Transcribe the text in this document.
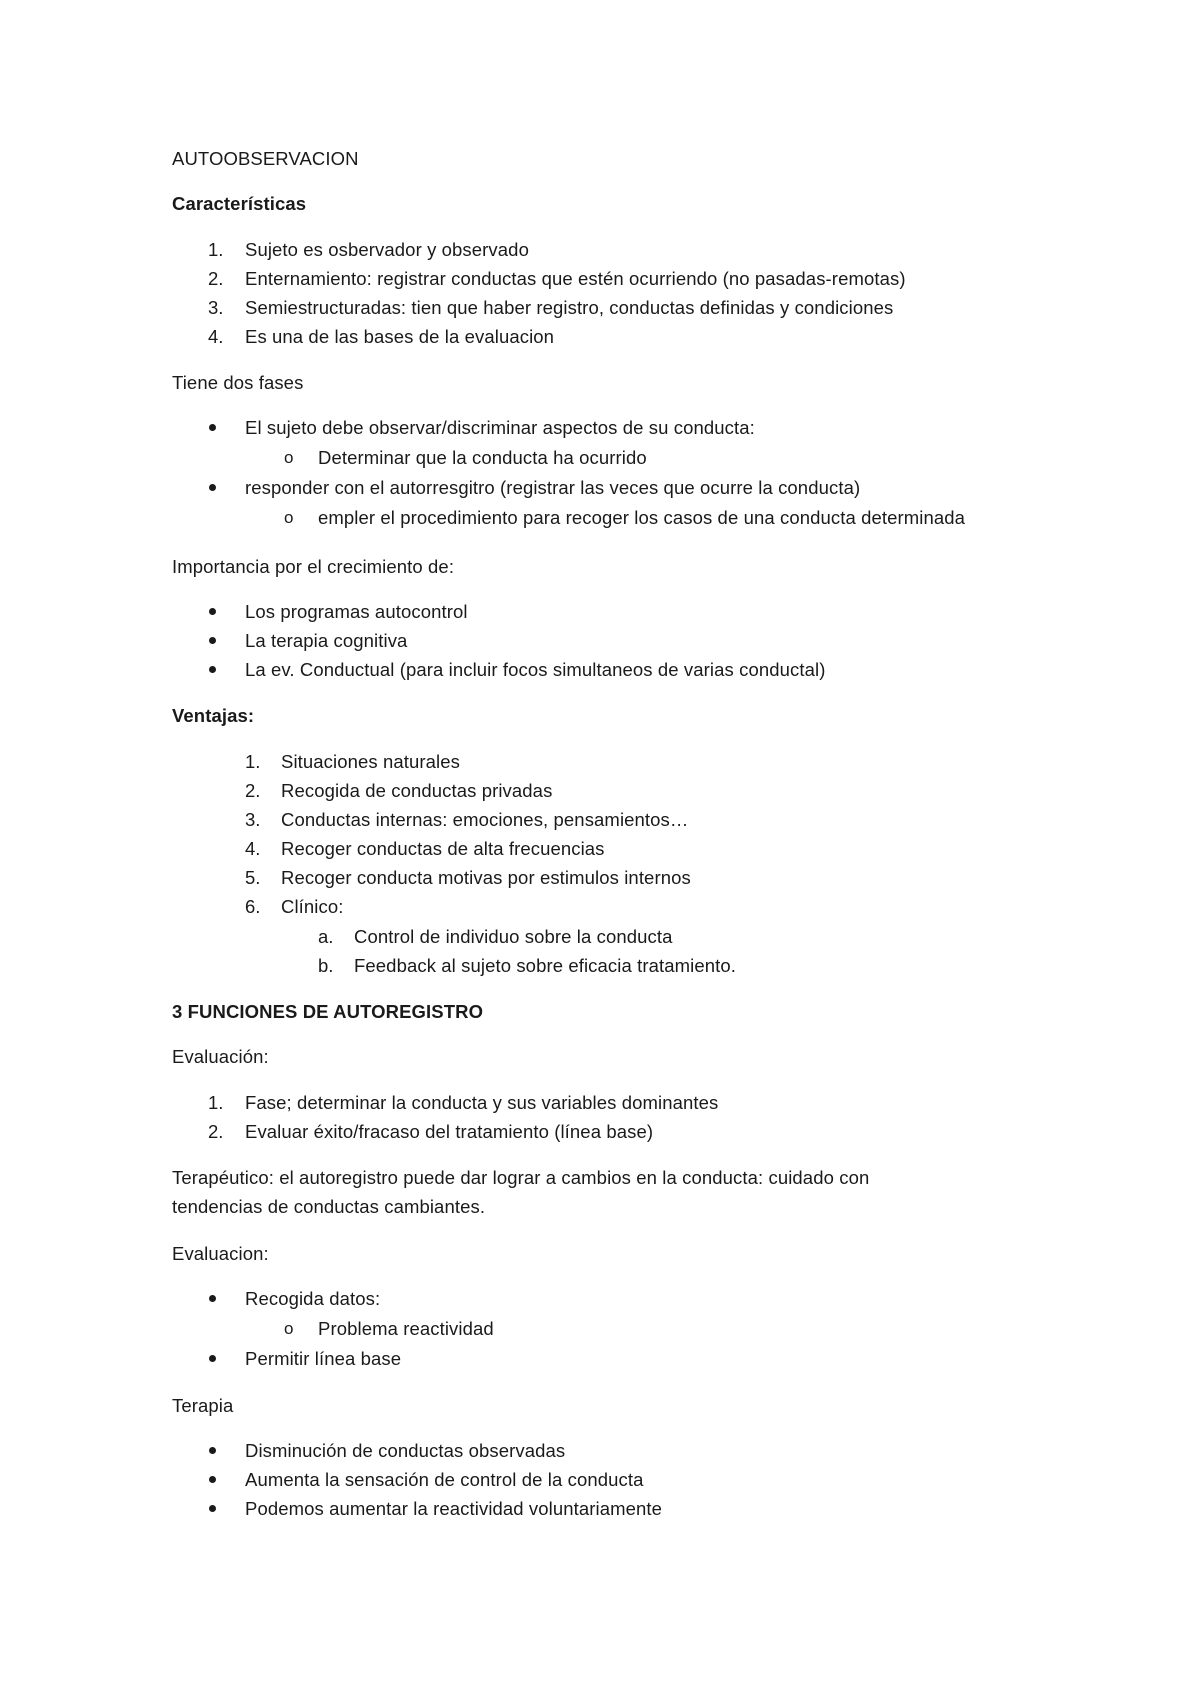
AUTOOBSERVACION
Características
1. Sujeto es osbervador y observado
2. Enternamiento: registrar conductas que estén ocurriendo (no pasadas-remotas)
3. Semiestructuradas: tien que haber registro, conductas definidas y condiciones
4. Es una de las bases de la evaluacion
Tiene dos fases
El sujeto debe observar/discriminar aspectos de su conducta:
o Determinar que la conducta ha ocurrido
responder con el autorresgitro (registrar las veces que ocurre la conducta)
o empler el procedimiento para recoger los casos de una conducta determinada
Importancia por el crecimiento de:
Los programas autocontrol
La terapia cognitiva
La ev. Conductual (para incluir focos simultaneos de varias conductal)
Ventajas:
1. Situaciones naturales
2. Recogida de conductas privadas
3. Conductas internas: emociones, pensamientos…
4. Recoger conductas de alta frecuencias
5. Recoger conducta motivas por estimulos internos
6. Clínico:
a. Control de individuo sobre la conducta
b. Feedback al sujeto sobre eficacia tratamiento.
3 FUNCIONES DE AUTOREGISTRO
Evaluación:
1. Fase; determinar la conducta y sus variables dominantes
2. Evaluar éxito/fracaso del tratamiento (línea base)
Terapéutico: el autoregistro puede dar lograr a cambios en la conducta: cuidado con
tendencias de conductas cambiantes.
Evaluacion:
Recogida datos:
o Problema reactividad
Permitir línea base
Terapia
Disminución de conductas observadas
Aumenta la sensación de control de la conducta
Podemos aumentar la reactividad voluntariamente
